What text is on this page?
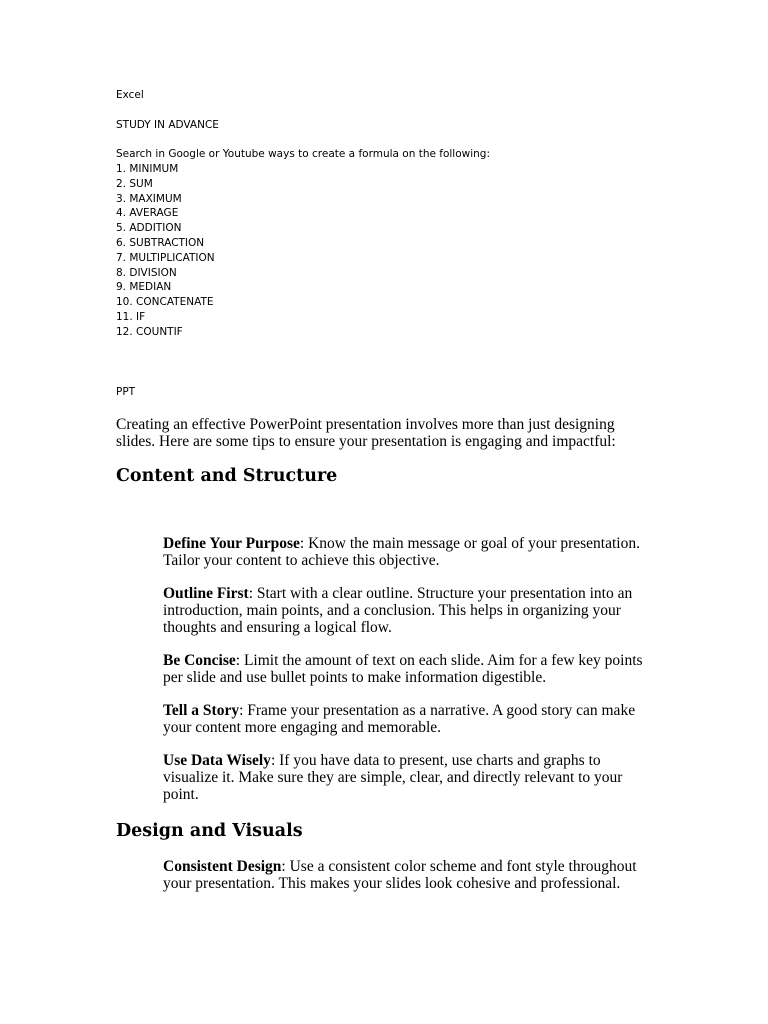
Excel
STUDY IN ADVANCE
Search in Google or Youtube ways to create a formula on the following:
1. MINIMUM
2. SUM
3. MAXIMUM
4. AVERAGE
5. ADDITION
6. SUBTRACTION
7. MULTIPLICATION
8. DIVISION
9. MEDIAN
10. CONCATENATE
11. IF
12. COUNTIF
PPT

Creating an effective PowerPoint presentation involves more than just designing slides. Here are some tips to ensure your presentation is engaging and impactful:

Content and Structure
Define Your Purpose: Know the main message or goal of your presentation. Tailor your content to achieve this objective.
Outline First: Start with a clear outline. Structure your presentation into an introduction, main points, and a conclusion. This helps in organizing your thoughts and ensuring a logical flow.
Be Concise: Limit the amount of text on each slide. Aim for a few key points per slide and use bullet points to make information digestible.
Tell a Story: Frame your presentation as a narrative. A good story can make your content more engaging and memorable.
Use Data Wisely: If you have data to present, use charts and graphs to visualize it. Make sure they are simple, clear, and directly relevant to your point.
Design and Visuals
Consistent Design: Use a consistent color scheme and font style throughout your presentation. This makes your slides look cohesive and professional.
